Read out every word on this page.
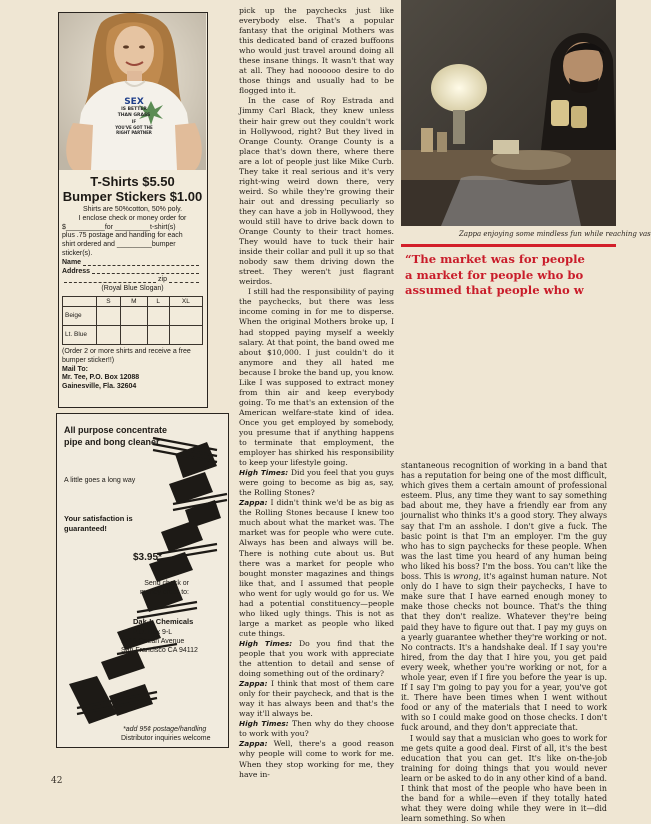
SEX
IS BETTER
THAN GRASS
IF
YOU'VE GOT THE
RIGHT PARTNER
T-Shirts $5.50
Bumper Stickers $1.00
Shirts are 50%cotton, 50% poly.
I enclose check or money order for
$__________for _________t-shirt(s)
plus .75 postage and handling for each
shirt ordered and _________bumper
sticker(s).
Name
Address
zip
(Royal Blue Slogan)
	S	M	L	XL
Beige				
Lt. Blue				
(Order 2 or more shirts and receive a free bumper sticker!!)
Mail To:
Mr. Tee, P.O. Box 12088
Gainesville, Fla. 32604
All purpose concentrate pipe and bong cleaner
A little goes a long way
Your satisfaction is guaranteed!
$3.95*
Send check or money order to:
Dak-L Chemicals
P.O. Box 9-L
1716 Ocean Avenue
San Francisco CA 94112
*add 95¢ postage/handling
Distributor inquiries welcome

pick up the paychecks just like everybody else. That's a popular fantasy that the original Mothers was this dedicated band of crazed buffoons who would just travel around doing all these insane things. It wasn't that way at all. They had noooooo desire to do those things and usually had to be flogged into it.

In the case of Roy Estrada and Jimmy Carl Black, they knew unless their hair grew out they couldn't work in Hollywood, right? But they lived in Orange County. Orange County is a place that's down there, where there are a lot of people just like Mike Curb. They take it real serious and it's very right-wing weird down there, very weird. So while they're growing their hair out and dressing peculiarly so they can have a job in Hollywood, they would still have to drive back down to Orange County to their tract homes. They would have to tuck their hair inside their collar and pull it up so that nobody saw them driving down the street. They weren't just flagrant weirdos.

I still had the responsibility of paying the paychecks, but there was less income coming in for me to disperse. When the original Mothers broke up, I had stopped paying myself a weekly salary. At that point, the band owed me about $10,000. I just couldn't do it anymore and they all hated me because I broke the band up, you know. Like I was supposed to extract money from thin air and keep everybody going. To me that's an extension of the American welfare-state kind of idea. Once you get employed by somebody, you presume that if anything happens to terminate that employment, the employer has shirked his responsibility to keep your lifestyle going.

High Times: Did you feel that you guys were going to become as big as, say, the Rolling Stones?

Zappa: I didn't think we'd be as big as the Rolling Stones because I knew too much about what the market was. The market was for people who were cute. Always has been and always will be. There is nothing cute about us. But there was a market for people who bought monster magazines and things like that, and I assumed that people who went for ugly would go for us. We had a potential constituency—people who liked ugly things. This is not as large a market as people who liked cute things.

High Times: Do you find that the people that you work with appreciate the attention to detail and sense of doing something out of the ordinary?

Zappa: I think that most of them care only for their paycheck, and that is the way it has always been and that's the way it'll always be.

High Times: Then why do they choose to work with you?

Zappa: Well, there's a good reason why people will come to work for me. When they stop working for me, they have in-

Zappa enjoying some mindless fun while reaching vas
“The market was for people
a market for people who bo
assumed that people who w

stantaneous recognition of working in a band that has a reputation for being one of the most difficult, which gives them a certain amount of professional esteem. Plus, any time they want to say something bad about me, they have a friendly ear from any journalist who thinks it's a good story. They always say that I'm an asshole. I don't give a fuck. The basic point is that I'm an employer. I'm the guy who has to sign paychecks for these people. When was the last time you heard of any human being who liked his boss? I'm the boss. You can't like the boss. This is wrong, it's against human nature. Not only do I have to sign their paychecks, I have to make sure that I have earned enough money to make those checks not bounce. That's the thing that they don't realize. Whatever they're being paid they have to figure out that. I pay my guys on a yearly guarantee whether they're working or not. No contracts. It's a handshake deal. If I say you're hired, from the day that I hire you, you get paid every week, whether you're working or not, for a whole year, even if I fire you before the year is up. If I say I'm going to pay you for a year, you've got it. There have been times when I went without food or any of the materials that I need to work with so I could make good on those checks. I don't fuck around, and they don't appreciate that.

I would say that a musician who goes to work for me gets quite a good deal. First of all, it's the best education that you can get. It's like on-the-job training for doing things that you would never learn or be asked to do in any other kind of a band. I think that most of the people who have been in the band for a while—even if they totally hated what they were doing while they were in it—did learn something. So when

42
